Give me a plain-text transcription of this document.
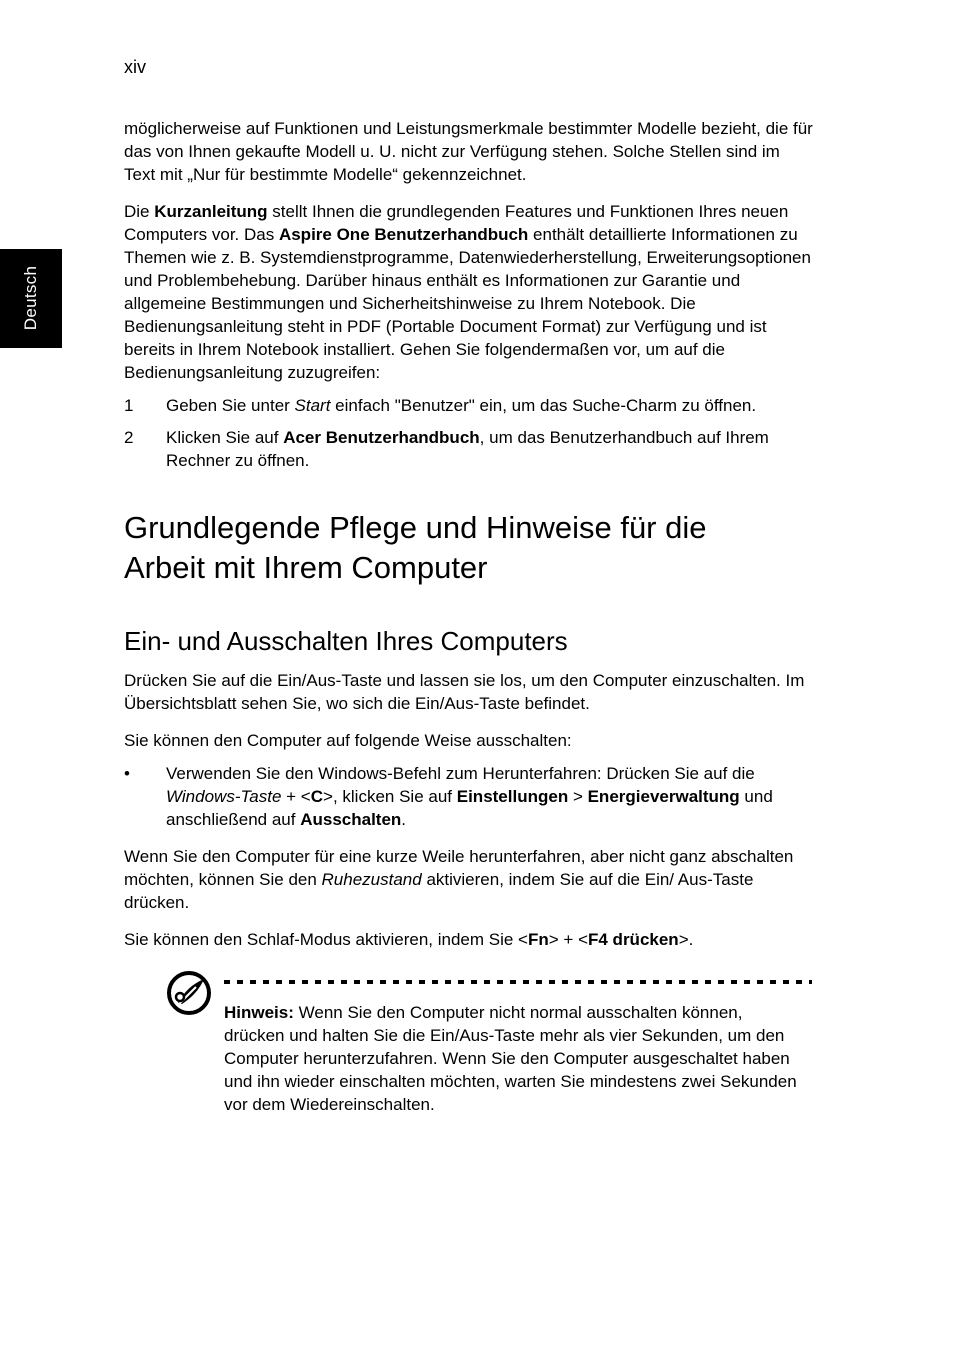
xiv
Deutsch

möglicherweise auf Funktionen und Leistungsmerkmale bestimmter Modelle bezieht, die für das von Ihnen gekaufte Modell u. U. nicht zur Verfügung stehen. Solche Stellen sind im Text mit „Nur für bestimmte Modelle“ gekennzeichnet.

Die Kurzanleitung stellt Ihnen die grundlegenden Features und Funktionen Ihres neuen Computers vor. Das Aspire One Benutzerhandbuch enthält detaillierte Informationen zu Themen wie z. B. Systemdienstprogramme, Datenwiederherstellung, Erweiterungsoptionen und Problembehebung. Darüber hinaus enthält es Informationen zur Garantie und allgemeine Bestimmungen und Sicherheitshinweise zu Ihrem Notebook. Die Bedienungsanleitung steht in PDF (Portable Document Format) zur Verfügung und ist bereits in Ihrem Notebook installiert. Gehen Sie folgendermaßen vor, um auf die Bedienungsanleitung zuzugreifen:

1	Geben Sie unter Start einfach "Benutzer" ein, um das Suche-Charm zu öffnen.
2	Klicken Sie auf Acer Benutzerhandbuch, um das Benutzerhandbuch auf Ihrem Rechner zu öffnen.
Grundlegende Pflege und Hinweise für die
Arbeit mit Ihrem Computer
Ein- und Ausschalten Ihres Computers

Drücken Sie auf die Ein/Aus-Taste und lassen sie los, um den Computer einzuschalten. Im Übersichtsblatt sehen Sie, wo sich die Ein/Aus-Taste befindet.

Sie können den Computer auf folgende Weise ausschalten:

•	Verwenden Sie den Windows-Befehl zum Herunterfahren: Drücken Sie auf die Windows-Taste + <C>, klicken Sie auf Einstellungen > Energieverwaltung und anschließend auf Ausschalten.

Wenn Sie den Computer für eine kurze Weile herunterfahren, aber nicht ganz abschalten möchten, können Sie den Ruhezustand aktivieren, indem Sie auf die Ein/ Aus-Taste drücken.

Sie können den Schlaf-Modus aktivieren, indem Sie <Fn> + <F4 drücken>.

Hinweis: Wenn Sie den Computer nicht normal ausschalten können, drücken und halten Sie die Ein/Aus-Taste mehr als vier Sekunden, um den Computer herunterzufahren. Wenn Sie den Computer ausgeschaltet haben und ihn wieder einschalten möchten, warten Sie mindestens zwei Sekunden vor dem Wiedereinschalten.
